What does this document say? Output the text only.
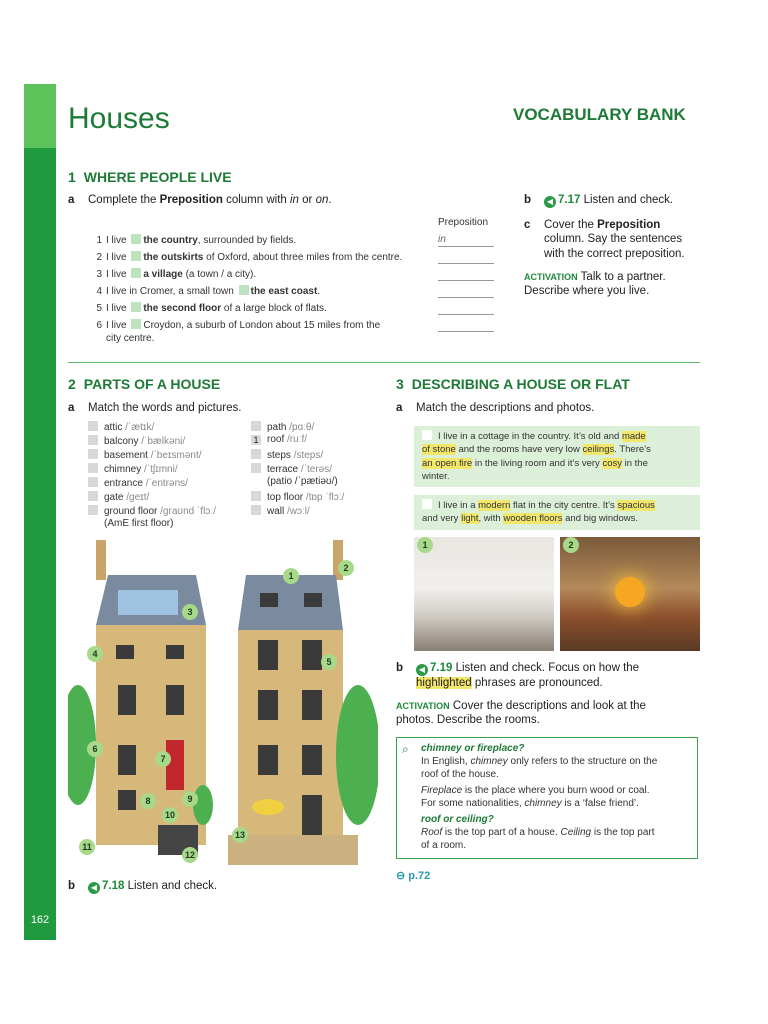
162
Houses	VOCABULARY BANK
1 WHERE PEOPLE LIVE
a Complete the Preposition column with in or on.
Preposition
1 I live the country, surrounded by fields.	in
2 I live the outskirts of Oxford, about three miles from the centre.
3 I live a village (a town / a city).
4 I live in Cromer, a small town the east coast.
5 I live the second floor of a large block of flats.
6 I live Croydon, a suburb of London about 15 miles from the
city centre.
b ◀ 7.17 Listen and check.
c Cover the Preposition
column. Say the sentences
with the correct preposition.
ACTIVATION Talk to a partner.
Describe where you live.
2 PARTS OF A HOUSE
a Match the words and pictures.
attic /ˈætɪk/
balcony /ˈbælkəni/
basement /ˈbeɪsmənt/
chimney /ˈtʃɪmni/
entrance /ˈentrəns/
gate /ɡeɪt/
ground floor /ɡraʊnd ˈflɔː/
(AmE first floor)
path /pɑːθ/
1 roof /ruːf/
steps /steps/
terrace /ˈterəs/
(patio /ˈpætiəʊ/)
top floor /tɒp ˈflɔː/
wall /wɔːl/
1
2
3
4
5
6
7
8	9
10
11
12
13
b ◀ 7.18 Listen and check.
3 DESCRIBING A HOUSE OR FLAT
a Match the descriptions and photos.
I live in a cottage in the country. It’s old and made
of stone and the rooms have very low ceilings. There’s
an open fire in the living room and it’s very cosy in the
winter.
I live in a modern flat in the city centre. It’s spacious
and very light, with wooden floors and big windows.
1	2
b ◀ 7.19 Listen and check. Focus on how the
highlighted phrases are pronounced.
ACTIVATION Cover the descriptions and look at the
photos. Describe the rooms.
⌕ chimney or fireplace?
In English, chimney only refers to the structure on the
roof of the house.
Fireplace is the place where you burn wood or coal.
For some nationalities, chimney is a ‘false friend’.
roof or ceiling?
Roof is the top part of a house. Ceiling is the top part
of a room.
⊖ p.72
